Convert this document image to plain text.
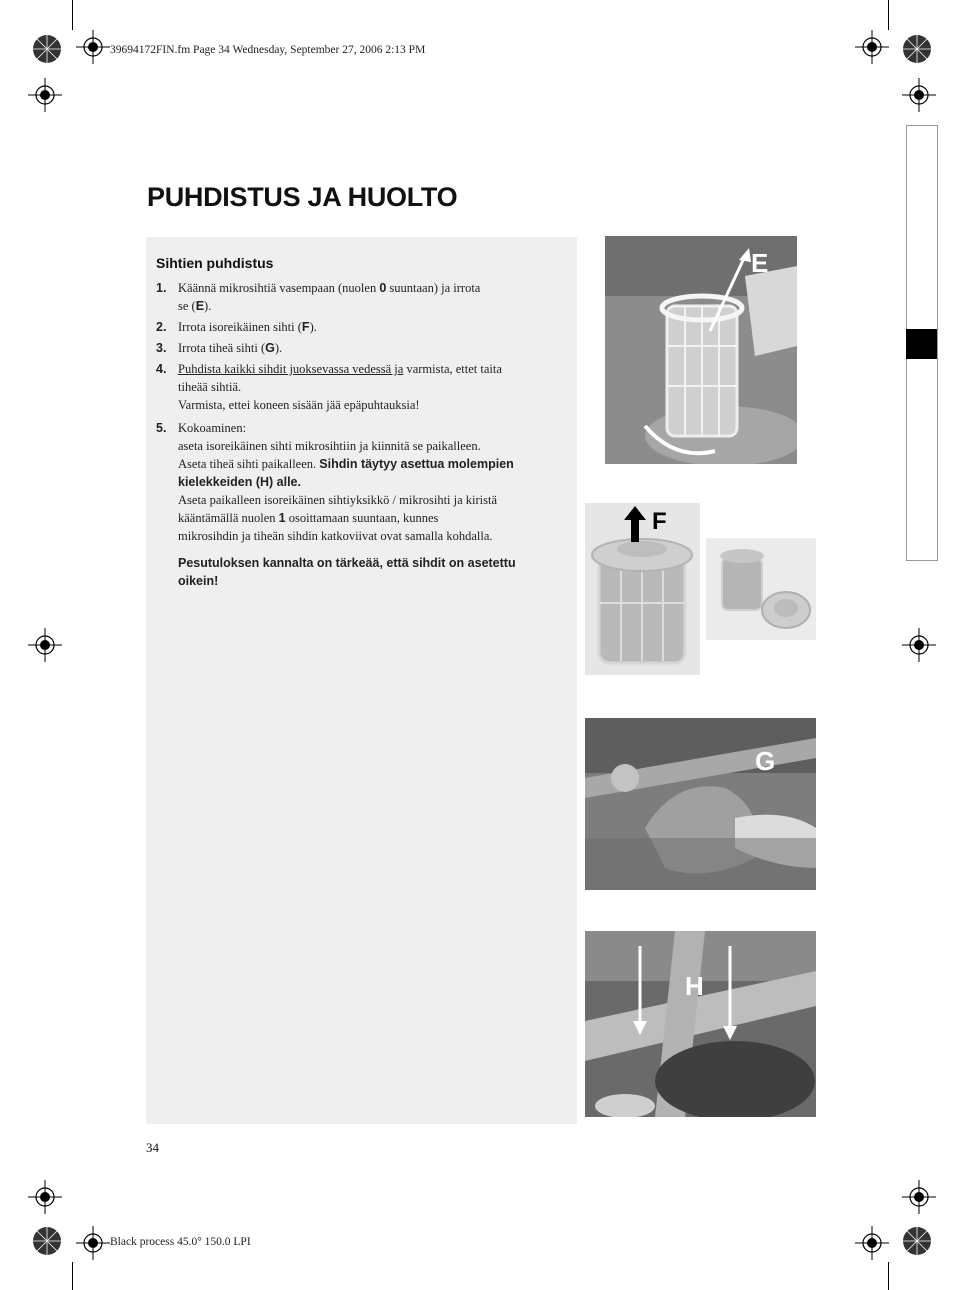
39694172FIN.fm Page 34 Wednesday, September 27, 2006 2:13 PM
Black process 45.0° 150.0 LPI
PUHDISTUS JA HUOLTO
Sihtien puhdistus
1. Käännä mikrosihtiä vasempaan (nuolen 0 suuntaan) ja irrota
se (E).
2. Irrota isoreikäinen sihti (F).
3. Irrota tiheä sihti (G).
4. Puhdista kaikki sihdit juoksevassa vedessä ja varmista, ettet taita
tiheää sihtiä.
Varmista, ettei koneen sisään jää epäpuhtauksia!
5. Kokoaminen:
aseta isoreikäinen sihti mikrosihtiin ja kiinnitä se paikalleen.
Aseta tiheä sihti paikalleen. Sihdin täytyy asettua molempien
kielekkeiden (H) alle.
Aseta paikalleen isoreikäinen sihtiyksikkö / mikrosihti ja kiristä
kääntämällä nuolen 1 osoittamaan suuntaan, kunnes
mikrosihdin ja tiheän sihdin katkoviivat ovat samalla kohdalla.
Pesutuloksen kannalta on tärkeää, että sihdit on asetettu
oikein!
34
E
F
G
H
